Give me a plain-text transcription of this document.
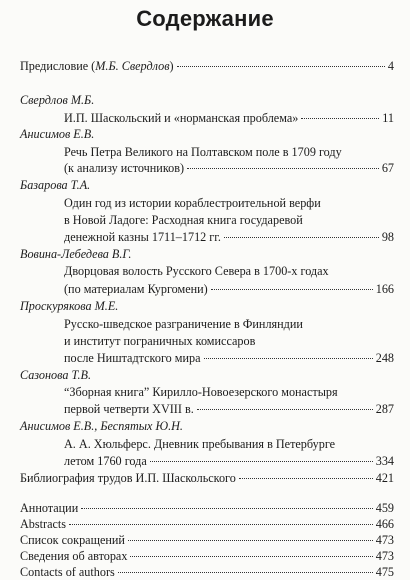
Содержание
Предисловие (М.Б. Свердлов)	4
Свердлов М.Б.
И.П. Шаскольский и «норманская проблема»	11
Анисимов Е.В.
Речь Петра Великого на Полтавском поле в 1709 году
(к анализу источников)	67
Базарова Т.А.
Один год из истории кораблестроительной верфи
в Новой Ладоге: Расходная книга государевой
денежной казны 1711–1712 гг.	98
Вовина-Лебедева В.Г.
Дворцовая волость Русского Севера в 1700-х годах
(по материалам Кургомени)	166
Проскурякова М.Е.
Русско-шведское разграничение в Финляндии
и институт пограничных комиссаров
после Ништадтского мира	248
Сазонова Т.В.
“Зборная книга” Кирилло-Новоезерского монастыря
первой четверти XVIII в.	287
Анисимов Е.В., Беспятых Ю.Н.
А. А. Хюльферс. Дневник пребывания в Петербурге
летом 1760 года	334
Библиография трудов И.П. Шаскольского	421
Аннотации	459
Abstracts	466
Список сокращений	473
Сведения об авторах	473
Contacts of authors	475
